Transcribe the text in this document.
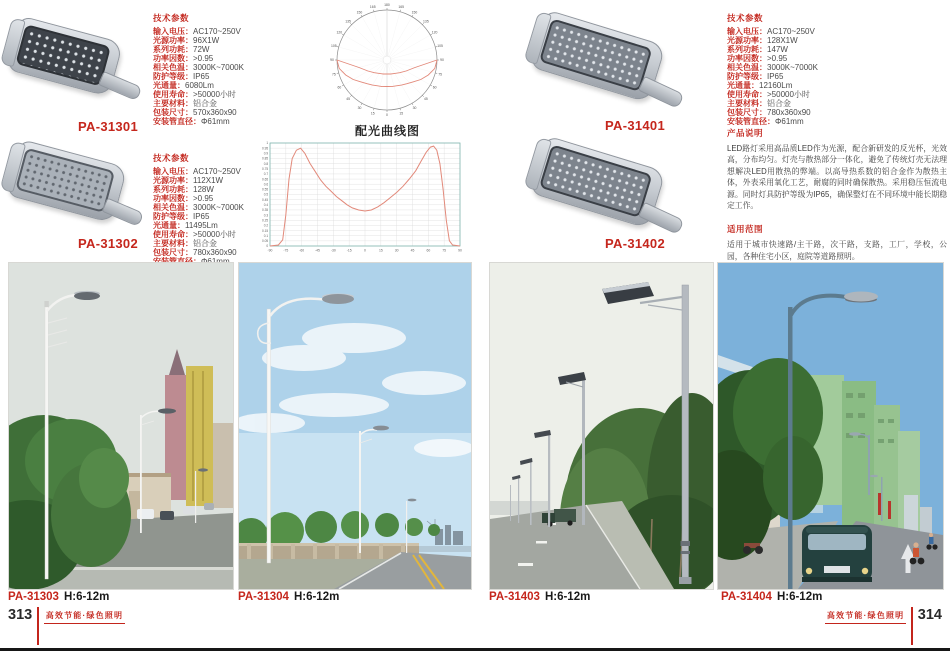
PA-31301
技术参数
输入电压：AC170~250V
光源功率：96X1W
系列功耗：72W
功率因数：>0.95
相关色温：3000K~7000K
防护等级：IP65
光通量：6080Lm
使用寿命：>50000小时
主要材料：铝合金
包装尺寸：570x360x90
安装管直径：Φ61mm
0
15	15
30	30
45	45
60	60
75	75
90	90
105	105
120	120
135	135
150	150
165	165
180
配光曲线图
PA-31302
技术参数
输入电压：AC170~250V
光源功率：112X1W
系列功耗：128W
功率因数：>0.95
相关色温：3000K~7000K
防护等级：IP65
光通量：11495Lm
使用寿命：>50000小时
主要材料：铝合金
包装尺寸：780x360x90	-90	-75	-60	-45	-30	-15	0	15	30	45	60	75	90
0
0.05
0.1
0.15
0.2
0.25
0.3
0.35
0.4
0.45
0.5
0.55
0.6
0.65
0.7
0.75
0.8
0.85
0.9
0.95
1
PA-31401
技术参数
输入电压：AC170~250V
光源功率：128X1W
系列功耗：147W
功率因数：>0.95
相关色温：3000K~7000K
防护等级：IP65
光通量：12160Lm
使用寿命：>50000小时
主要材料：铝合金
包装尺寸：780x360x90
安装管直径：Φ61mm
产品说明

LED路灯采用高品质LED作为光源，配合新研发的反光杯，光效高，分布均匀。灯壳与散热部分一体化，避免了传统灯壳无法理想解决LED用散热的弊端。以高导热系数的铝合金作为散热主体，外表采用氧化工艺，耐腐的同时确保散热。采用稳压恒流电源。同时灯具防护等级为IP65，确保整灯在不同环境中能长期稳定工作。

适用范围

适用于城市快速路/主干路，次干路，支路，工厂，学校，公园，各种住宅小区，庭院等道路照明。

PA-31402
PA-31303 H:6-12m	PA-31304 H:6-12m	PA-31403 H:6-12m	PA-31404 H:6-12m
313 高效节能·绿色照明	高效节能·绿色照明 314
